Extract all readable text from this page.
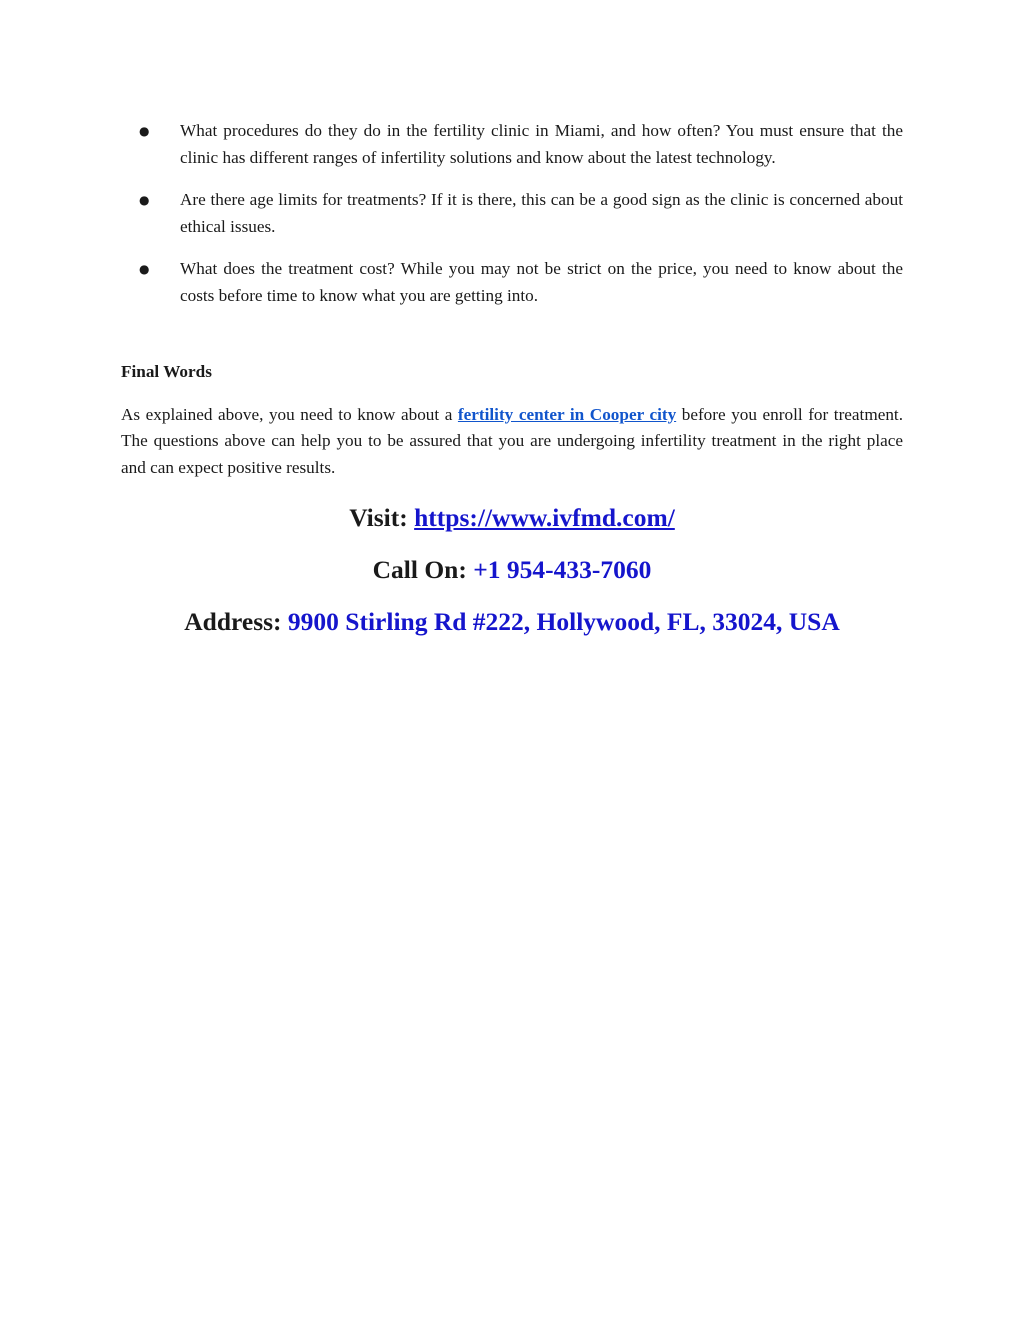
● What procedures do they do in the fertility clinic in Miami, and how often? You must ensure that the clinic has different ranges of infertility solutions and know about the latest technology.
● Are there age limits for treatments? If it is there, this can be a good sign as the clinic is concerned about ethical issues.
● What does the treatment cost? While you may not be strict on the price, you need to know about the costs before time to know what you are getting into.
Final Words

As explained above, you need to know about a fertility center in Cooper city before you enroll for treatment. The questions above can help you to be assured that you are undergoing infertility treatment in the right place and can expect positive results.

Visit: https://www.ivfmd.com/

Call On: +1 954-433-7060

Address: 9900 Stirling Rd #222, Hollywood, FL, 33024, USA
